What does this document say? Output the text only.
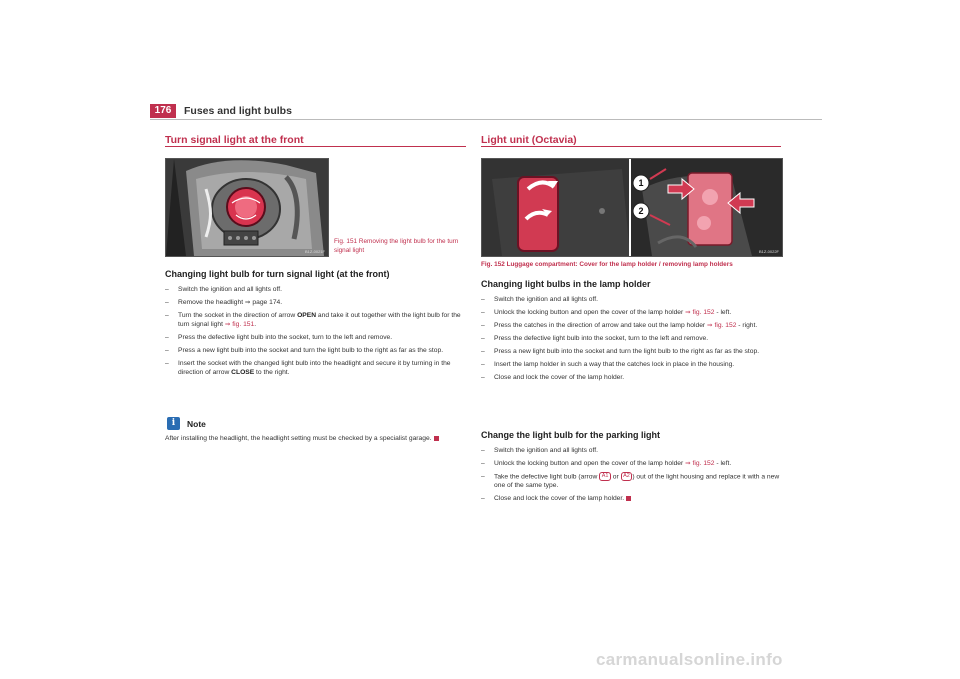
176	Fuses and light bulbs
Turn signal light at the front
B1Z-0021F
Fig. 151 Removing the light bulb for the turn signal light
Changing light bulb for turn signal light (at the front)
– Switch the ignition and all lights off.
– Remove the headlight ⇒ page 174.
– Turn the socket in the direction of arrow OPEN and take it out together with the light bulb for the turn signal light ⇒ fig. 151.
– Press the defective light bulb into the socket, turn to the left and remove.
– Press a new light bulb into the socket and turn the light bulb to the right as far as the stop.
– Insert the socket with the changed light bulb into the headlight and secure it by turning in the direction of arrow CLOSE to the right.
i	Note
After installing the headlight, the headlight setting must be checked by a specialist garage.
Light unit (Octavia)
1
2
B1Z-0022F
Fig. 152 Luggage compartment: Cover for the lamp holder / removing lamp holders
Changing light bulbs in the lamp holder
– Switch the ignition and all lights off.
– Unlock the locking button and open the cover of the lamp holder ⇒ fig. 152 - left.
– Press the catches in the direction of arrow and take out the lamp holder ⇒ fig. 152 - right.
– Press the defective light bulb into the socket, turn to the left and remove.
– Press a new light bulb into the socket and turn the light bulb to the right as far as the stop.
– Insert the lamp holder in such a way that the catches lock in place in the housing.
– Close and lock the cover of the lamp holder.
Change the light bulb for the parking light
– Switch the ignition and all lights off.
– Unlock the locking button and open the cover of the lamp holder ⇒ fig. 152 - left.
– Take the defective light bulb (arrow A1 or A2 ) out of the light housing and replace it with a new one of the same type.
– Close and lock the cover of the lamp holder.
carmanualsonline.info
